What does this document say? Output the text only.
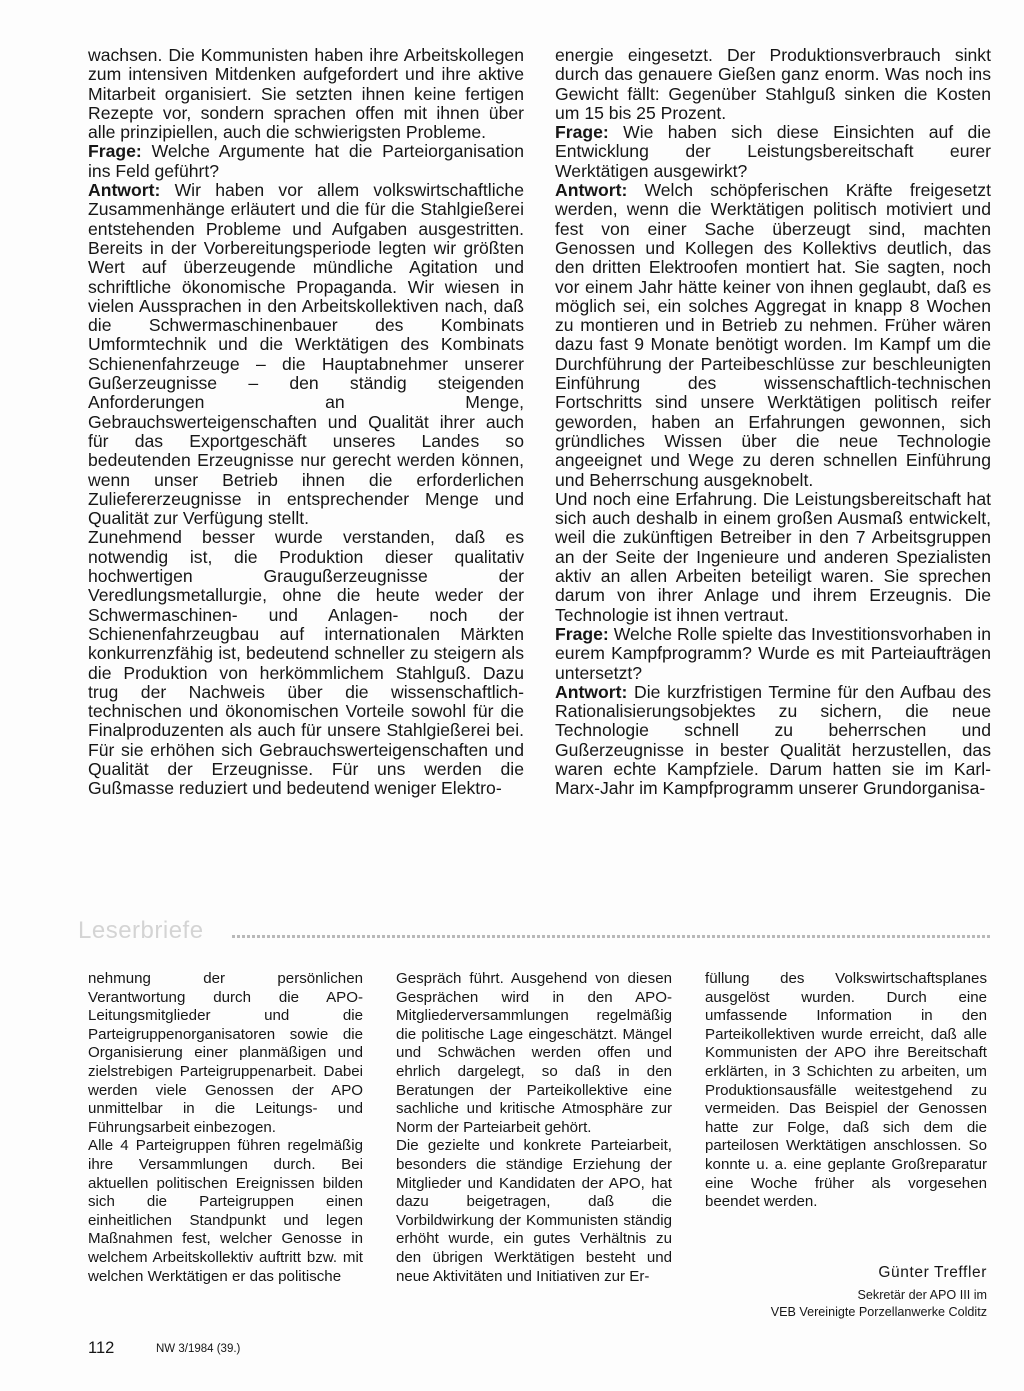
wachsen. Die Kommunisten haben ihre Arbeitskollegen zum intensiven Mitdenken aufgefordert und ihre aktive Mitarbeit organisiert. Sie setzten ihnen keine fertigen Rezepte vor, sondern sprachen offen mit ihnen über alle prinzipiellen, auch die schwierigsten Probleme.

Frage: Welche Argumente hat die Parteiorganisation ins Feld geführt?

Antwort: Wir haben vor allem volkswirtschaftliche Zusammenhänge erläutert und die für die Stahlgießerei entstehenden Probleme und Aufgaben ausgestritten. Bereits in der Vorbereitungsperiode legten wir größten Wert auf überzeugende mündliche Agitation und schriftliche ökonomische Propaganda. Wir wiesen in vielen Aussprachen in den Arbeitskollektiven nach, daß die Schwermaschinenbauer des Kombinats Umformtechnik und die Werktätigen des Kombinats Schienenfahrzeuge – die Hauptabnehmer unserer Gußerzeugnisse – den ständig steigenden Anforderungen an Menge, Gebrauchswerteigenschaften und Qualität ihrer auch für das Exportgeschäft unseres Landes so bedeutenden Erzeugnisse nur gerecht werden können, wenn unser Betrieb ihnen die erforderlichen Zuliefererzeugnisse in entsprechender Menge und Qualität zur Verfügung stellt.

Zunehmend besser wurde verstanden, daß es notwendig ist, die Produktion dieser qualitativ hochwertigen Graugußerzeugnisse der Veredlungsmetallurgie, ohne die heute weder der Schwermaschinen- und Anlagen- noch der Schienenfahrzeugbau auf internationalen Märkten konkurrenzfähig ist, bedeutend schneller zu steigern als die Produktion von herkömmlichem Stahlguß. Dazu trug der Nachweis über die wissenschaftlich-technischen und ökonomischen Vorteile sowohl für die Finalproduzenten als auch für unsere Stahlgießerei bei. Für sie erhöhen sich Gebrauchswerteigenschaften und Qualität der Erzeugnisse. Für uns werden die Gußmasse reduziert und bedeutend weniger Elektro-

energie eingesetzt. Der Produktionsverbrauch sinkt durch das genauere Gießen ganz enorm. Was noch ins Gewicht fällt: Gegenüber Stahlguß sinken die Kosten um 15 bis 25 Prozent.

Frage: Wie haben sich diese Einsichten auf die Entwicklung der Leistungsbereitschaft eurer Werktätigen ausgewirkt?

Antwort: Welch schöpferischen Kräfte freigesetzt werden, wenn die Werktätigen politisch motiviert und fest von einer Sache überzeugt sind, machten Genossen und Kollegen des Kollektivs deutlich, das den dritten Elektroofen montiert hat. Sie sagten, noch vor einem Jahr hätte keiner von ihnen geglaubt, daß es möglich sei, ein solches Aggregat in knapp 8 Wochen zu montieren und in Betrieb zu nehmen. Früher wären dazu fast 9 Monate benötigt worden. Im Kampf um die Durchführung der Parteibeschlüsse zur beschleunigten Einführung des wissenschaftlich-technischen Fortschritts sind unsere Werktätigen politisch reifer geworden, haben an Erfahrungen gewonnen, sich gründliches Wissen über die neue Technologie angeeignet und Wege zu deren schnellen Einführung und Beherrschung ausgeknobelt.

Und noch eine Erfahrung. Die Leistungsbereitschaft hat sich auch deshalb in einem großen Ausmaß entwickelt, weil die zukünftigen Betreiber in den 7 Arbeitsgruppen an der Seite der Ingenieure und anderen Spezialisten aktiv an allen Arbeiten beteiligt waren. Sie sprechen darum von ihrer Anlage und ihrem Erzeugnis. Die Technologie ist ihnen vertraut.

Frage: Welche Rolle spielte das Investitionsvorhaben in eurem Kampfprogramm? Wurde es mit Parteiaufträgen untersetzt?

Antwort: Die kurzfristigen Termine für den Aufbau des Rationalisierungsobjektes zu sichern, die neue Technologie schnell zu beherrschen und Gußerzeugnisse in bester Qualität herzustellen, das waren echte Kampfziele. Darum hatten sie im Karl-Marx-Jahr im Kampfprogramm unserer Grundorganisa-

Leserbriefe

nehmung der persönlichen Verantwortung durch die APO-Leitungsmitglieder und die Parteigruppenorganisatoren sowie die Organisierung einer planmäßigen und zielstrebigen Parteigruppenarbeit. Dabei werden viele Genossen der APO unmittelbar in die Leitungs- und Führungsarbeit einbezogen.

Alle 4 Parteigruppen führen regelmäßig ihre Versammlungen durch. Bei aktuellen politischen Ereignissen bilden sich die Parteigruppen einen einheitlichen Standpunkt und legen Maßnahmen fest, welcher Genosse in welchem Arbeitskollektiv auftritt bzw. mit welchen Werktätigen er das politische

Gespräch führt. Ausgehend von diesen Gesprächen wird in den APO-Mitgliederversammlungen regelmäßig die politische Lage eingeschätzt. Mängel und Schwächen werden offen und ehrlich dargelegt, so daß in den Beratungen der Parteikollektive eine sachliche und kritische Atmosphäre zur Norm der Parteiarbeit gehört.

Die gezielte und konkrete Parteiarbeit, besonders die ständige Erziehung der Mitglieder und Kandidaten der APO, hat dazu beigetragen, daß die Vorbildwirkung der Kommunisten ständig erhöht wurde, ein gutes Verhältnis zu den übrigen Werktätigen besteht und neue Aktivitäten und Initiativen zur Er-

füllung des Volkswirtschaftsplanes ausgelöst wurden. Durch eine umfassende Information in den Parteikollektiven wurde erreicht, daß alle Kommunisten der APO ihre Bereitschaft erklärten, in 3 Schichten zu arbeiten, um Produktionsausfälle weitestgehend zu vermeiden. Das Beispiel der Genossen hatte zur Folge, daß sich dem die parteilosen Werktätigen anschlossen. So konnte u. a. eine geplante Großreparatur eine Woche früher als vorgesehen beendet werden.

Günter Treffler
Sekretär der APO III im
VEB Vereinigte Porzellanwerke Colditz
112	NW 3/1984 (39.)
